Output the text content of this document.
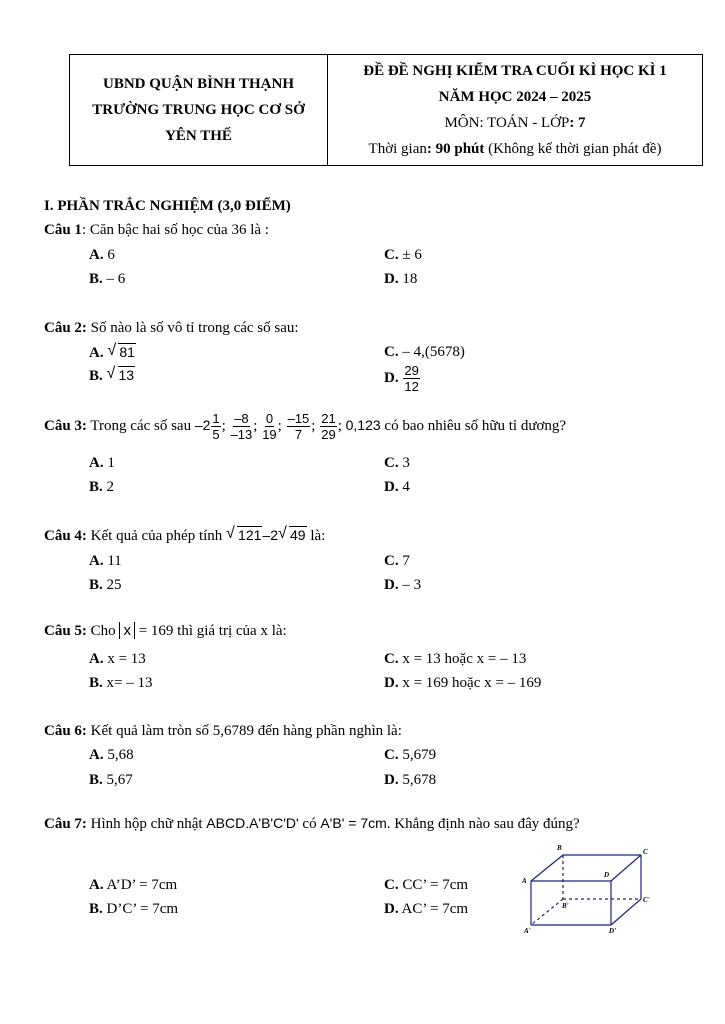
UBND QUẬN BÌNH THẠNH
TRƯỜNG TRUNG HỌC CƠ SỞ
YÊN THẾ
ĐỀ ĐỀ NGHỊ KIỂM TRA CUỐI KÌ HỌC KÌ 1
NĂM HỌC 2024 – 2025
MÔN: TOÁN - LỚP: 7
Thời gian: 90 phút (Không kể thời gian phát đề)
I. PHẦN TRẮC NGHIỆM (3,0 ĐIỂM)
Câu 1: Căn bậc hai số học của 36 là :
A. 6	C. ± 6
B. – 6	D. 18
Câu 2: Số nào là số vô tỉ trong các số sau:
A. √ 81	C. – 4,(5678)
B. √ 13	D. $\frac{29}{12}$
Câu 3: Trong các số sau $-2 \frac{1}{5}$ ; $\frac{-8}{-13}$ ; $\frac{0}{19}$ ; $\frac{-15}{7}$ ; $\frac{21}{29}$ ; 0,123 có bao nhiêu số hữu tỉ dương?
A. 1	C. 3
B. 2	D. 4
Câu 4: Kết quả của phép tính √ 121–2 √ 49 là:
A. 11	C. 7
B. 25	D. – 3
Câu 5: Cho x = 169 thì giá trị của x là:
A. x = 13	C. x = 13 hoặc x = – 13
B. x= – 13	D. x = 169 hoặc x = – 169
Câu 6: Kết quả làm tròn số 5,6789 đến hàng phần nghìn là:
A. 5,68	C. 5,679
B. 5,67	D. 5,678
Câu 7: Hình hộp chữ nhật ABCD.A'B'C'D' có A'B' = 7cm. Khẳng định nào sau đây đúng?
A. A’D’ = 7cm	C. CC’ = 7cm
B. D’C’ = 7cm	D. AC’ = 7cm
B	C
A
D
B'
C'
A'	D'
